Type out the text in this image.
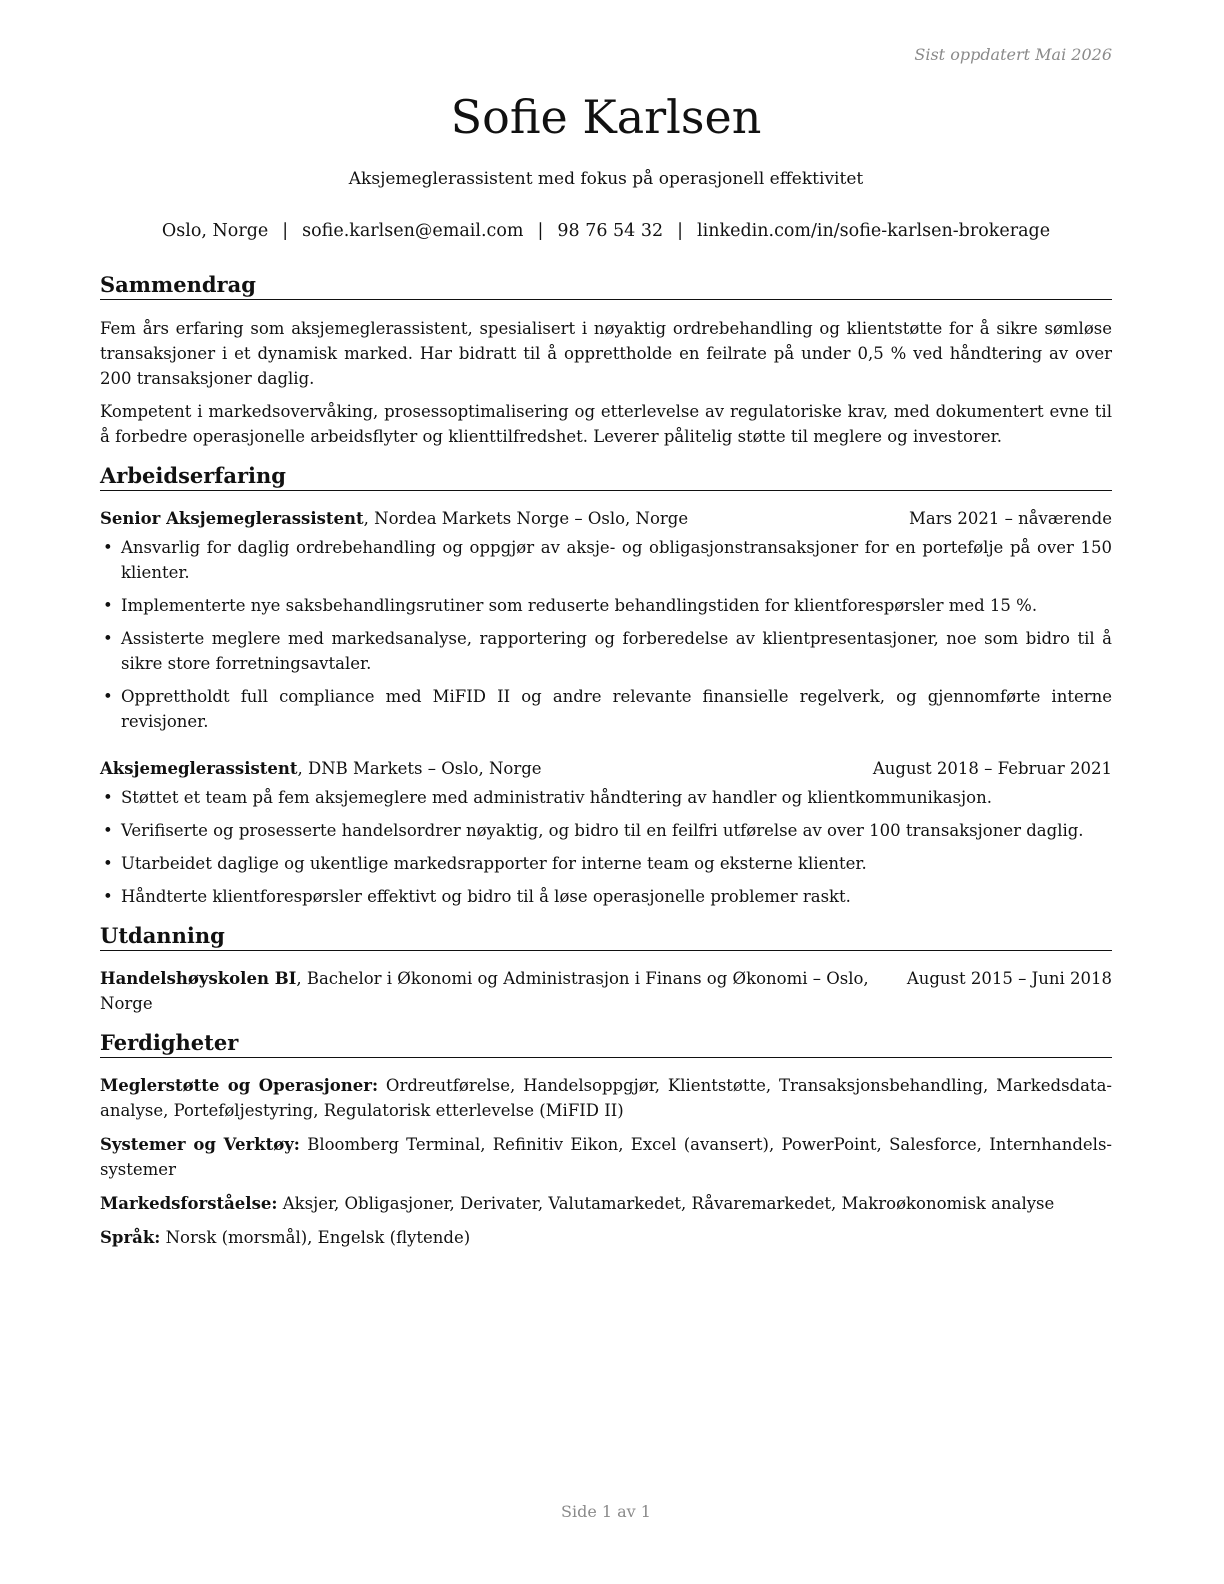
Sist oppdatert Mai 2026
Sofie Karlsen
Aksjemeglerassistent med fokus på operasjonell effektivitet
Oslo, Norge | sofie.karlsen@email.com | 98 76 54 32 | linkedin.com/in/sofie-karlsen-brokerage
Sammendrag

Fem års erfaring som aksjemeglerassistent, spesialisert i nøyaktig ordrebehandling og klientstøtte for å sikre sømløse transaksjoner i et dynamisk marked. Har bidratt til å opprettholde en feilrate på under 0,5 % ved håndtering av over 200 transaksjoner daglig.

Kompetent i markedsovervåking, prosessoptimalisering og etterlevelse av regulatoriske krav, med dokumentert evne til å forbedre operasjonelle arbeidsflyter og klienttilfredshet. Leverer pålitelig støtte til meglere og investorer.

Arbeidserfaring
Senior Aksjemeglerassistent, Nordea Markets Norge – Oslo, Norge	Mars 2021 – nåværende
• Ansvarlig for daglig ordrebehandling og oppgjør av aksje- og obligasjonstransaksjoner for en portefølje på over 150 klienter.
• Implementerte nye saksbehandlingsrutiner som reduserte behandlingstiden for klientforespørsler med 15 %.
• Assisterte meglere med markedsanalyse, rapportering og forberedelse av klientpresentasjoner, noe som bidro til å sikre store forretningsavtaler.
• Opprettholdt full compliance med MiFID II og andre relevante finansielle regelverk, og gjennomførte interne revisjoner.
Aksjemeglerassistent, DNB Markets – Oslo, Norge	August 2018 – Februar 2021
• Støttet et team på fem aksjemeglere med administrativ håndtering av handler og klientkommunikasjon.
• Verifiserte og prosesserte handelsordrer nøyaktig, og bidro til en feilfri utførelse av over 100 transaksjoner daglig.
• Utarbeidet daglige og ukentlige markedsrapporter for interne team og eksterne klienter.
• Håndterte klientforespørsler effektivt og bidro til å løse operasjonelle problemer raskt.
Utdanning
Handelshøyskolen BI, Bachelor i Økonomi og Administrasjon i Finans og Økonomi – Oslo, Norge
August 2015 – Juni 2018
Ferdigheter
Meglerstøtte og Operasjoner: Ordreutførelse, Handelsoppgjør, Klientstøtte, Transaksjonsbehandling, Markedsdata-analyse, Porteføljestyring, Regulatorisk etterlevelse (MiFID II)
Systemer og Verktøy: Bloomberg Terminal, Refinitiv Eikon, Excel (avansert), PowerPoint, Salesforce, Internhandels-systemer
Markedsforståelse: Aksjer, Obligasjoner, Derivater, Valutamarkedet, Råvaremarkedet, Makroøkonomisk analyse
Språk: Norsk (morsmål), Engelsk (flytende)
Side 1 av 1
